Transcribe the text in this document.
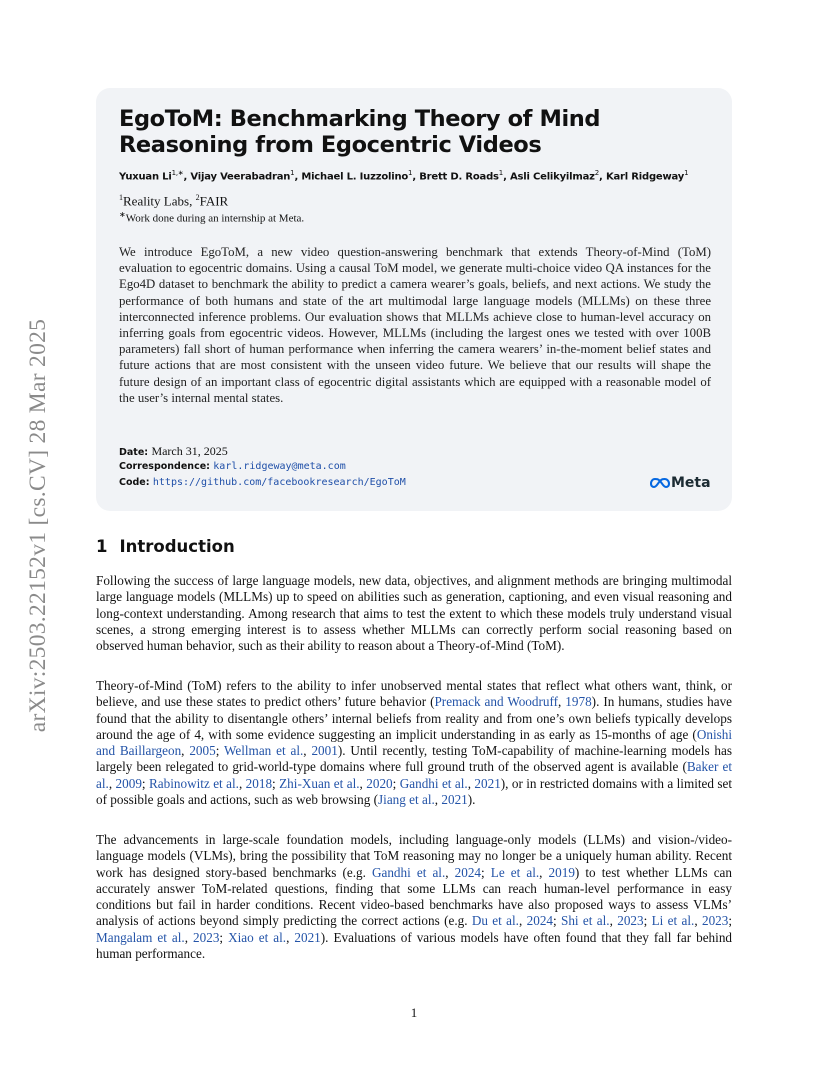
arXiv:2503.22152v1 [cs.CV] 28 Mar 2025
EgoToM: Benchmarking Theory of Mind Reasoning from Egocentric Videos
Yuxuan $Li^{1,∗}$, Vijay Veerabadran$^1$, Michael L. Iuzzolino$^1$, Brett D. Roads$^1$, Asli Celikyilmaz$^2$, Karl Ridgeway$^1$
$^1$Reality Labs, $^2$FAIR
∗Work done during an internship at Meta.

We introduce EgoToM, a new video question-answering benchmark that extends Theory-of-Mind (ToM) evaluation to egocentric domains. Using a causal ToM model, we generate multi-choice video QA instances for the Ego4D dataset to benchmark the ability to predict a camera wearer’s goals, beliefs, and next actions. We study the performance of both humans and state of the art multimodal large language models (MLLMs) on these three interconnected inference problems. Our evaluation shows that MLLMs achieve close to human-level accuracy on inferring goals from egocentric videos. However, MLLMs (including the largest ones we tested with over 100B parameters) fall short of human performance when inferring the camera wearers’ in-the-moment belief states and future actions that are most consistent with the unseen video future. We believe that our results will shape the future design of an important class of egocentric digital assistants which are equipped with a reasonable model of the user’s internal mental states.

Date: March 31, 2025
Correspondence: karl.ridgeway@meta.com
Code: https://github.com/facebookresearch/EgoToM	Meta
1 Introduction

Following the success of large language models, new data, objectives, and alignment methods are bringing multimodal large language models (MLLMs) up to speed on abilities such as generation, captioning, and even visual reasoning and long-context understanding. Among research that aims to test the extent to which these models truly understand visual scenes, a strong emerging interest is to assess whether MLLMs can correctly perform social reasoning based on observed human behavior, such as their ability to reason about a Theory-of-Mind (ToM).

Theory-of-Mind (ToM) refers to the ability to infer unobserved mental states that reflect what others want, think, or believe, and use these states to predict others’ future behavior (Premack and Woodruff, 1978). In humans, studies have found that the ability to disentangle others’ internal beliefs from reality and from one’s own beliefs typically develops around the age of 4, with some evidence suggesting an implicit understanding in as early as 15-months of age (Onishi and Baillargeon, 2005; Wellman et al., 2001). Until recently, testing ToM-capability of machine-learning models has largely been relegated to grid-world-type domains where full ground truth of the observed agent is available (Baker et al., 2009; Rabinowitz et al., 2018; Zhi-Xuan et al., 2020; Gandhi et al., 2021), or in restricted domains with a limited set of possible goals and actions, such as web browsing (Jiang et al., 2021).

The advancements in large-scale foundation models, including language-only models (LLMs) and vision-/video-language models (VLMs), bring the possibility that ToM reasoning may no longer be a uniquely human ability. Recent work has designed story-based benchmarks (e.g. Gandhi et al., 2024; Le et al., 2019) to test whether LLMs can accurately answer ToM-related questions, finding that some LLMs can reach human-level performance in easy conditions but fail in harder conditions. Recent video-based benchmarks have also proposed ways to assess VLMs’ analysis of actions beyond simply predicting the correct actions (e.g. Du et al., 2024; Shi et al., 2023; Li et al., 2023; Mangalam et al., 2023; Xiao et al., 2021). Evaluations of various models have often found that they fall far behind human performance.

1
